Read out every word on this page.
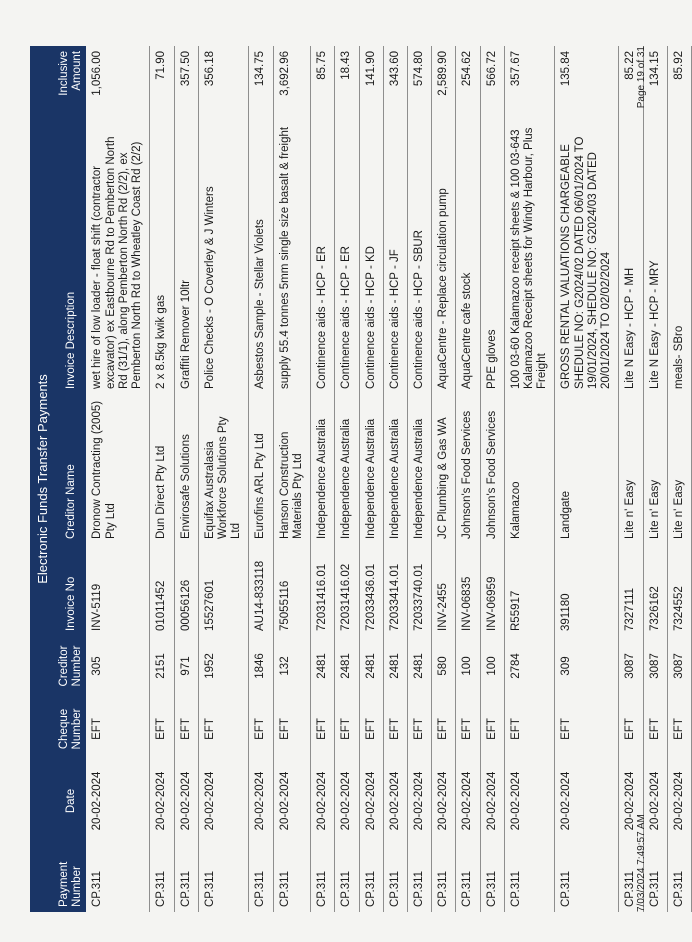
Electronic Funds Transfer Payments							
Payment Number	Date	Cheque Number	Creditor Number	Invoice No	Creditor Name	Invoice Description	Inclusive Amount
CP.311	20-02-2024	EFT	305	INV-5119	Dronow Contracting (2005) Pty Ltd	wet hire of low loader - float shift (contractor excavator) ex Eastbourne Rd to Pemberton North Rd (31/1), along Pemberton North Rd (2/2), ex Pemberton North Rd to Wheatley Coast Rd (2/2)	1,056.00
CP.311	20-02-2024	EFT	2151	01011452	Dun Direct Pty Ltd	2 x 8.5kg kwik gas	71.90
CP.311	20-02-2024	EFT	971	00056126	Envirosafe Solutions	Graffiti Remover 10ltr	357.50
CP.311	20-02-2024	EFT	1952	15527601	Equifax Australasia Workforce Solutions Pty Ltd	Police Checks - O Coverley & J Winters	356.18
CP.311	20-02-2024	EFT	1846	AU14-833118	Eurofins ARL Pty Ltd	Asbestos Sample - Stellar Violets	134.75
CP.311	20-02-2024	EFT	132	75055116	Hanson Construction Materials Pty Ltd	supply 55.4 tonnes 5mm single size basalt & freight	3,692.96
CP.311	20-02-2024	EFT	2481	72031416.01	Independence Australia	Continence aids - HCP - ER	85.75
CP.311	20-02-2024	EFT	2481	72031416.02	Independence Australia	Continence aids - HCP - ER	18.43
CP.311	20-02-2024	EFT	2481	72033436.01	Independence Australia	Continence aids - HCP - KD	141.90
CP.311	20-02-2024	EFT	2481	72033414.01	Independence Australia	Continence aids - HCP - JF	343.60
CP.311	20-02-2024	EFT	2481	72033740.01	Independence Australia	Continence aids - HCP - SBUR	574.80
CP.311	20-02-2024	EFT	580	INV-2455	JC Plumbing & Gas WA	AquaCentre - Replace circulation pump	2,589.90
CP.311	20-02-2024	EFT	100	INV-06835	Johnson's Food Services	AquaCentre cafe stock	254.62
CP.311	20-02-2024	EFT	100	INV-06959	Johnson's Food Services	PPE gloves	566.72
CP.311	20-02-2024	EFT	2784	R55917	Kalamazoo	100 03-60 Kalamazoo receipt sheets & 100 03-643 Kalamazoo Receipt sheets for Windy Harbour, Plus Freight	357.67
CP.311	20-02-2024	EFT	309	391180	Landgate	GROSS RENTAL VALUATIONS CHARGEABLE SHEDULE NO: G2024/02 DATED 06/01/2024 TO 19/01/2024, SHEDULE NO: G2024/03 DATED 20/01/2024 TO 02/02/2024	135.84
CP.311	20-02-2024	EFT	3087	7327111	Lite n' Easy	Lite N Easy - HCP - MH	85.22
CP.311	20-02-2024	EFT	3087	7326162	Lite n' Easy	Lite N Easy - HCP - MRY	134.15
CP.311	20-02-2024	EFT	3087	7324552	Lite n' Easy	meals- SBro	85.92
7/03/2024 7:49:57 AM
Page 19 of 31
